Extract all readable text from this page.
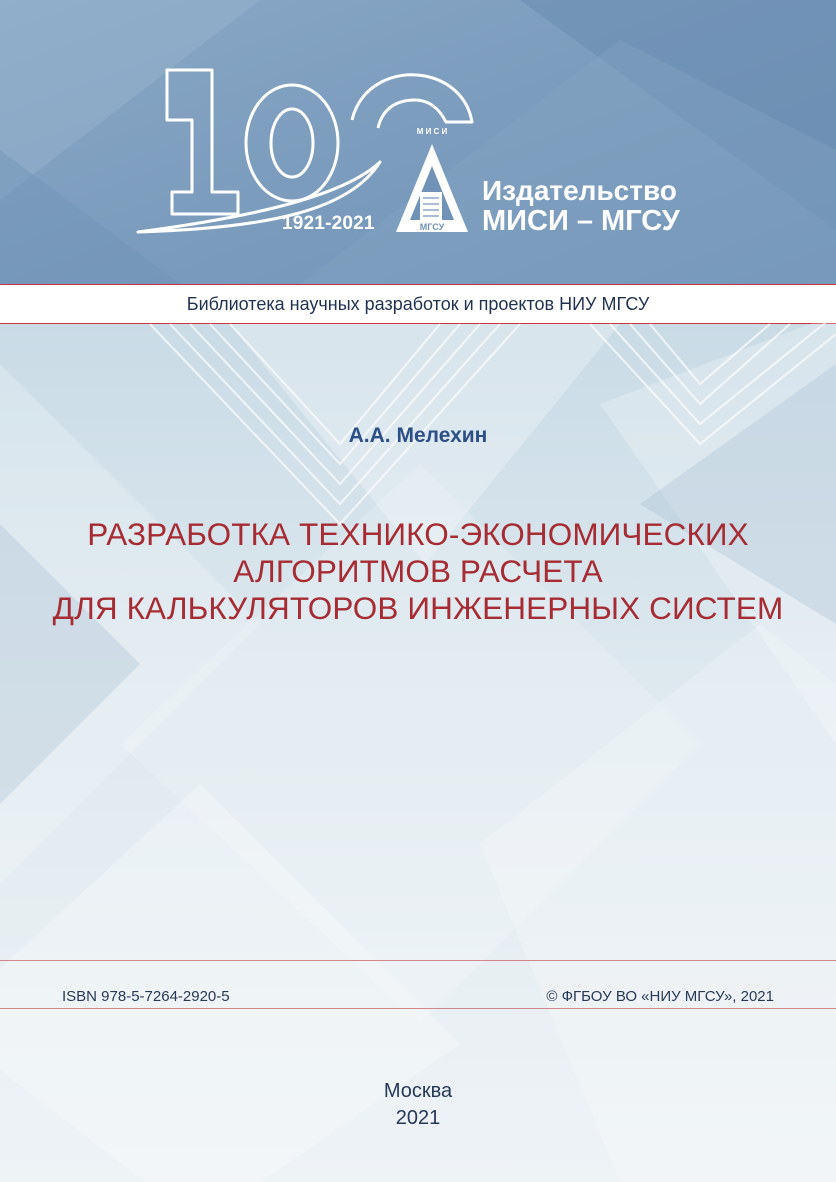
1921-2021
М И С И
МГСУ
Издательство
МИСИ – МГСУ
Библиотека научных разработок и проектов НИУ МГСУ
А.А. Мелехин
РАЗРАБОТКА ТЕХНИКО-ЭКОНОМИЧЕСКИХ
АЛГОРИТМОВ РАСЧЕТА
ДЛЯ КАЛЬКУЛЯТОРОВ ИНЖЕНЕРНЫХ СИСТЕМ
ISBN 978-5-7264-2920-5	© ФГБОУ ВО «НИУ МГСУ», 2021
Москва
2021
